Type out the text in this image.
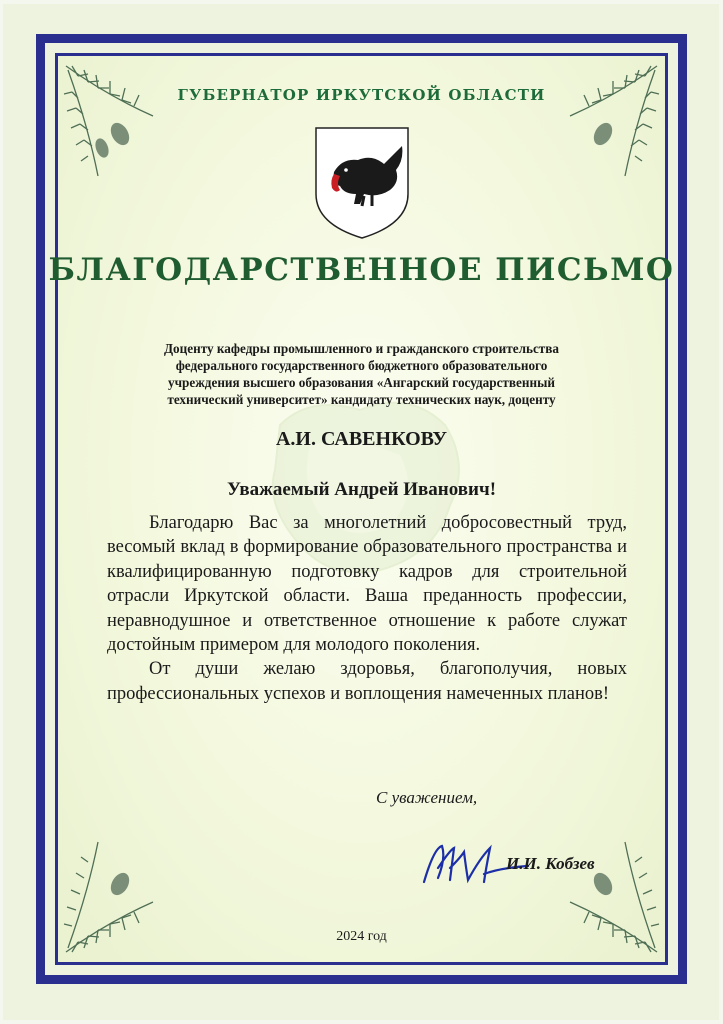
ГУБЕРНАТОР ИРКУТСКОЙ ОБЛАСТИ
БЛАГОДАРСТВЕННОЕ ПИСЬМО
Доценту кафедры промышленного и гражданского строительства
федерального государственного бюджетного образовательного
учреждения высшего образования «Ангарский государственный
технический университет» кандидату технических наук, доценту
А.И. САВЕНКОВУ
Уважаемый Андрей Иванович!

Благодарю Вас за многолетний добросовестный труд, весомый вклад в формирование образовательного пространства и квалифицированную подготовку кадров для строительной отрасли Иркутской области. Ваша преданность профессии, неравнодушное и ответственное отношение к работе служат достойным примером для молодого поколения.

От души желаю здоровья, благополучия, новых профессиональных успехов и воплощения намеченных планов!

С уважением,
И.И. Кобзев
2024 год
